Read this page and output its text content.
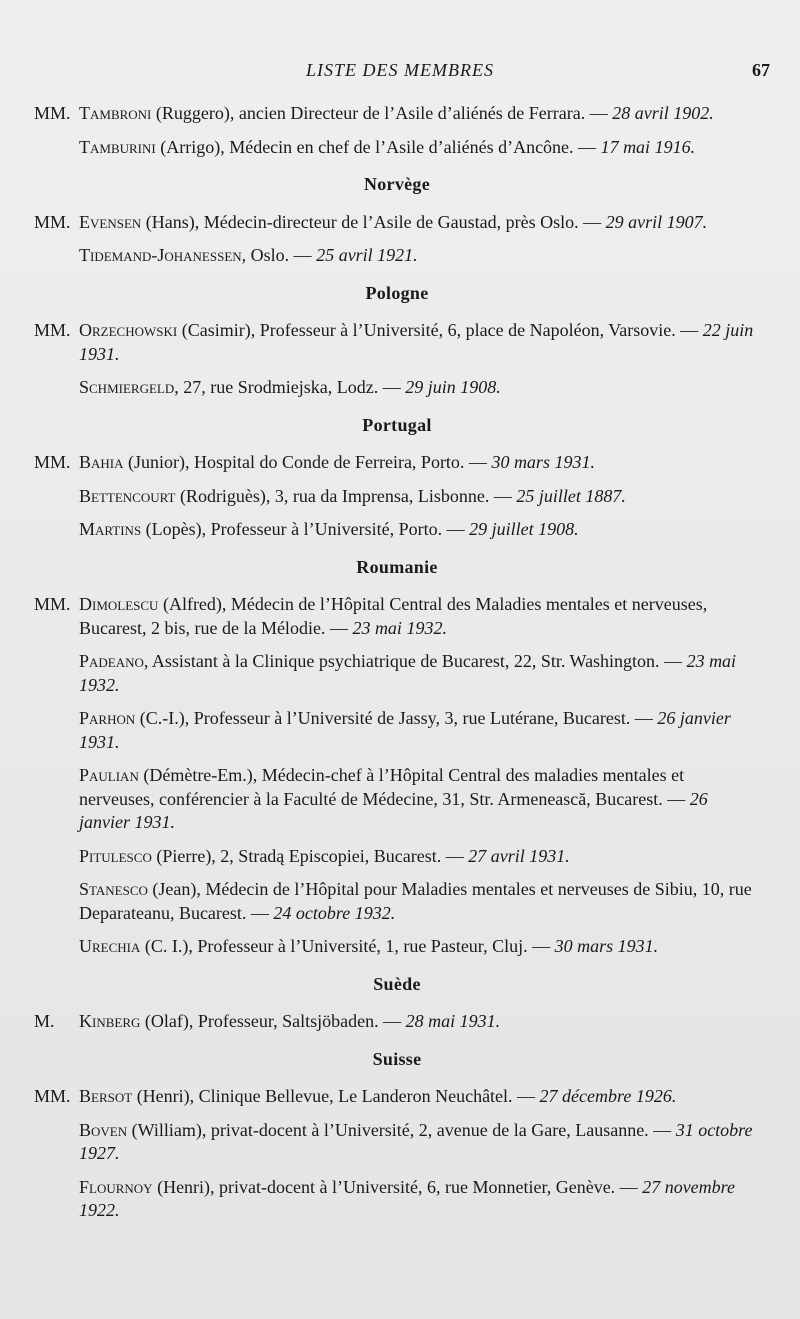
LISTE DES MEMBRES	67
MM. Tambroni (Ruggero), ancien Directeur de l’Asile d’aliénés de Ferrara. — 28 avril 1902.
Tamburini (Arrigo), Médecin en chef de l’Asile d’aliénés d’Ancône. — 17 mai 1916.
Norvège
MM. Evensen (Hans), Médecin-directeur de l’Asile de Gaustad, près Oslo. — 29 avril 1907.
Tidemand-Johanessen, Oslo. — 25 avril 1921.
Pologne
MM. Orzechowski (Casimir), Professeur à l’Université, 6, place de Napoléon, Varsovie. — 22 juin 1931.
Schmiergeld, 27, rue Srodmiejska, Lodz. — 29 juin 1908.
Portugal
MM. Bahia (Junior), Hospital do Conde de Ferreira, Porto. — 30 mars 1931.
Bettencourt (Rodriguès), 3, rua da Imprensa, Lisbonne. — 25 juillet 1887.
Martins (Lopès), Professeur à l’Université, Porto. — 29 juillet 1908.
Roumanie
MM. Dimolescu (Alfred), Médecin de l’Hôpital Central des Maladies mentales et nerveuses, Bucarest, 2 bis, rue de la Mélodie. — 23 mai 1932.
Padeano, Assistant à la Clinique psychiatrique de Bucarest, 22, Str. Washington. — 23 mai 1932.
Parhon (C.-I.), Professeur à l’Université de Jassy, 3, rue Lutérane, Bucarest. — 26 janvier 1931.
Paulian (Démètre-Em.), Médecin-chef à l’Hôpital Central des maladies mentales et nerveuses, conférencier à la Faculté de Médecine, 31, Str. Armenească, Bucarest. — 26 janvier 1931.
Pitulesco (Pierre), 2, Stradą Episcopiei, Bucarest. — 27 avril 1931.
Stanesco (Jean), Médecin de l’Hôpital pour Maladies mentales et nerveuses de Sibiu, 10, rue Deparateanu, Bucarest. — 24 octobre 1932.
Urechia (C. I.), Professeur à l’Université, 1, rue Pasteur, Cluj. — 30 mars 1931.
Suède
M. Kinberg (Olaf), Professeur, Saltsjöbaden. — 28 mai 1931.
Suisse
MM. Bersot (Henri), Clinique Bellevue, Le Landeron Neuchâtel. — 27 décembre 1926.
Boven (William), privat-docent à l’Université, 2, avenue de la Gare, Lausanne. — 31 octobre 1927.
Flournoy (Henri), privat-docent à l’Université, 6, rue Monnetier, Genève. — 27 novembre 1922.
